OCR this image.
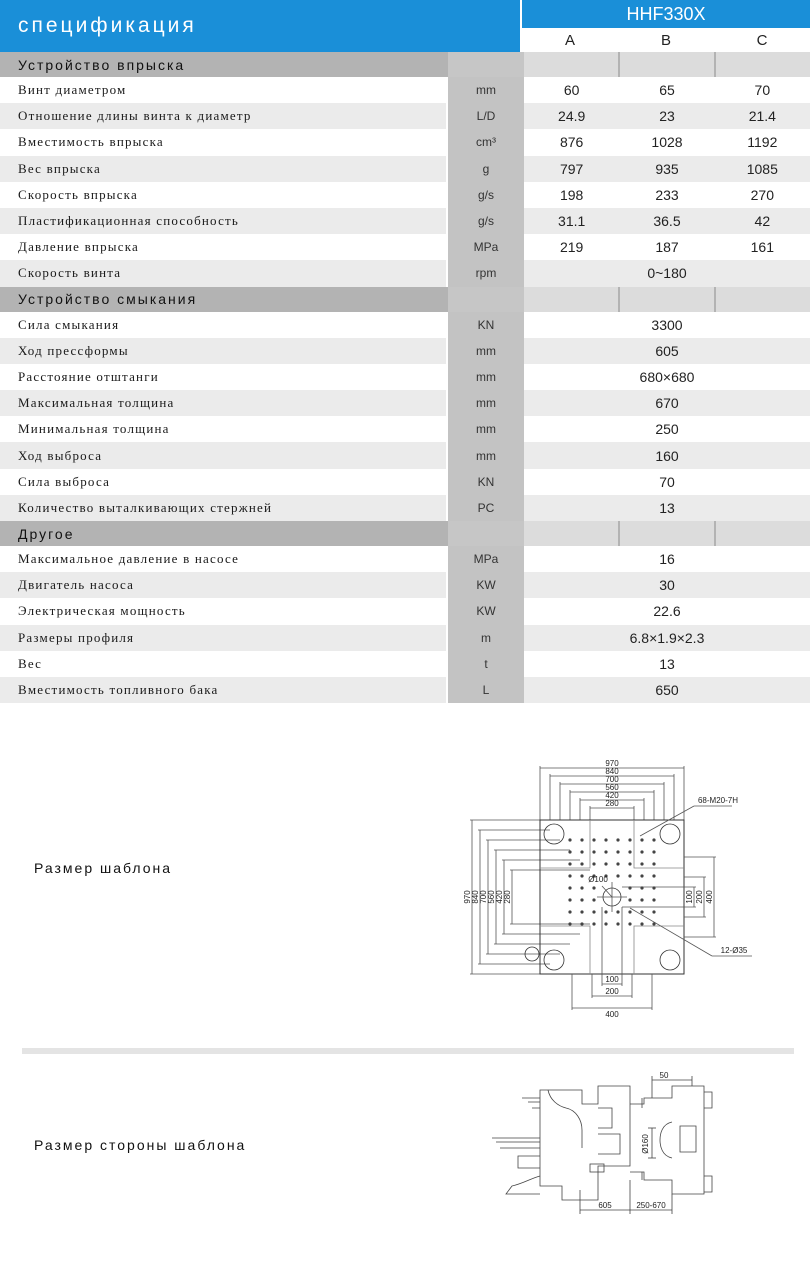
спецификация
HHF330X
A	B	C
Устройство впрыска
Винт диаметром	mm	60	65	70
Отношение длины винта к диаметр	L/D	24.9	23	21.4
Вместимость впрыска	cm³	876	1028	1192
Вес впрыска	g	797	935	1085
Скорость впрыска	g/s	198	233	270
Пластификационная способность	g/s	31.1	36.5	42
Давление впрыска	MPa	219	187	161
Скорость винта	rpm	0~180
Устройство смыкания
Сила смыкания	KN	3300
Ход прессформы	mm	605
Расстояние отштанги	mm	680×680
Максимальная толщина	mm	670
Минимальная толщина	mm	250
Ход выброса	mm	160
Сила выброса	KN	70
Количество выталкивающих стержней	PC	13
Другое
Максимальное давление в насосе	MPa	16
Двигатель насоса	KW	30
Электрическая мощность	KW	22.6
Размеры профиля	m	6.8×1.9×2.3
Вес	t	13
Вместимость топливного бака	L	650
Размер шаблона
970
840
700
560
420
280
970 840 700 560 420 280	100 200 400
100
200
400
Ø100
68-M20-7H
12-Ø35
Размер стороны шаблона
50
Ø160
605	250-670
